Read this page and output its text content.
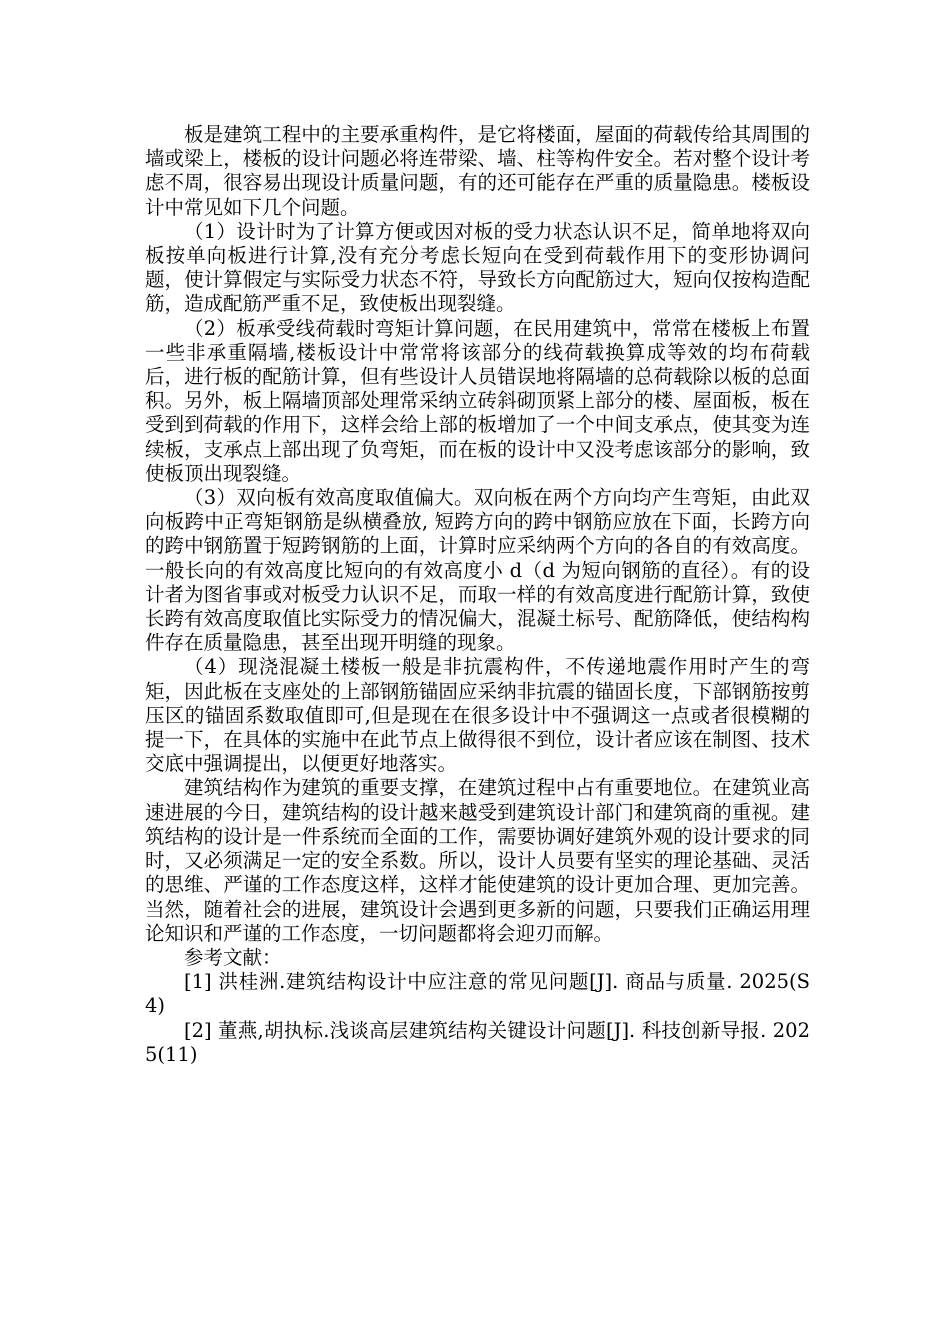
板是建筑工程中的主要承重构件，是它将楼面，屋面的荷载传给其周围的墙或梁上，楼板的设计问题必将连带梁、墙、柱等构件安全。若对整个设计考虑不周，很容易出现设计质量问题，有的还可能存在严重的质量隐患。楼板设计中常见如下几个问题。

（1）设计时为了计算方便或因对板的受力状态认识不足，简单地将双向板按单向板进行计算,没有充分考虑长短向在受到荷载作用下的变形协调问题，使计算假定与实际受力状态不符，导致长方向配筋过大，短向仅按构造配筋，造成配筋严重不足，致使板出现裂缝。

（2）板承受线荷载时弯矩计算问题，在民用建筑中，常常在楼板上布置一些非承重隔墙,楼板设计中常常将该部分的线荷载换算成等效的均布荷载后，进行板的配筋计算，但有些设计人员错误地将隔墙的总荷载除以板的总面积。另外，板上隔墙顶部处理常采纳立砖斜砌顶紧上部分的楼、屋面板，板在受到到荷载的作用下，这样会给上部的板增加了一个中间支承点，使其变为连续板，支承点上部出现了负弯矩，而在板的设计中又没考虑该部分的影响，致使板顶出现裂缝。

（3）双向板有效高度取值偏大。双向板在两个方向均产生弯矩，由此双向板跨中正弯矩钢筋是纵横叠放, 短跨方向的跨中钢筋应放在下面，长跨方向的跨中钢筋置于短跨钢筋的上面，计算时应采纳两个方向的各自的有效高度。一般长向的有效高度比短向的有效高度小 d（d 为短向钢筋的直径）。有的设计者为图省事或对板受力认识不足，而取一样的有效高度进行配筋计算，致使长跨有效高度取值比实际受力的情况偏大，混凝土标号、配筋降低，使结构构件存在质量隐患，甚至出现开明缝的现象。

（4）现浇混凝土楼板一般是非抗震构件，不传递地震作用时产生的弯矩，因此板在支座处的上部钢筋锚固应采纳非抗震的锚固长度，下部钢筋按剪压区的锚固系数取值即可,但是现在在很多设计中不强调这一点或者很模糊的提一下，在具体的实施中在此节点上做得很不到位，设计者应该在制图、技术交底中强调提出，以便更好地落实。

建筑结构作为建筑的重要支撑，在建筑过程中占有重要地位。在建筑业高速进展的今日，建筑结构的设计越来越受到建筑设计部门和建筑商的重视。建筑结构的设计是一件系统而全面的工作，需要协调好建筑外观的设计要求的同时，又必须满足一定的安全系数。所以，设计人员要有坚实的理论基础、灵活的思维、严谨的工作态度这样，这样才能使建筑的设计更加合理、更加完善。当然，随着社会的进展，建筑设计会遇到更多新的问题，只要我们正确运用理论知识和严谨的工作态度，一切问题都将会迎刃而解。

参考文献：

[1] 洪桂洲.建筑结构设计中应注意的常见问题[J]. 商品与质量. 2025(S4)

[2] 董燕,胡执标.浅谈高层建筑结构关键设计问题[J]. 科技创新导报. 2025(11)
